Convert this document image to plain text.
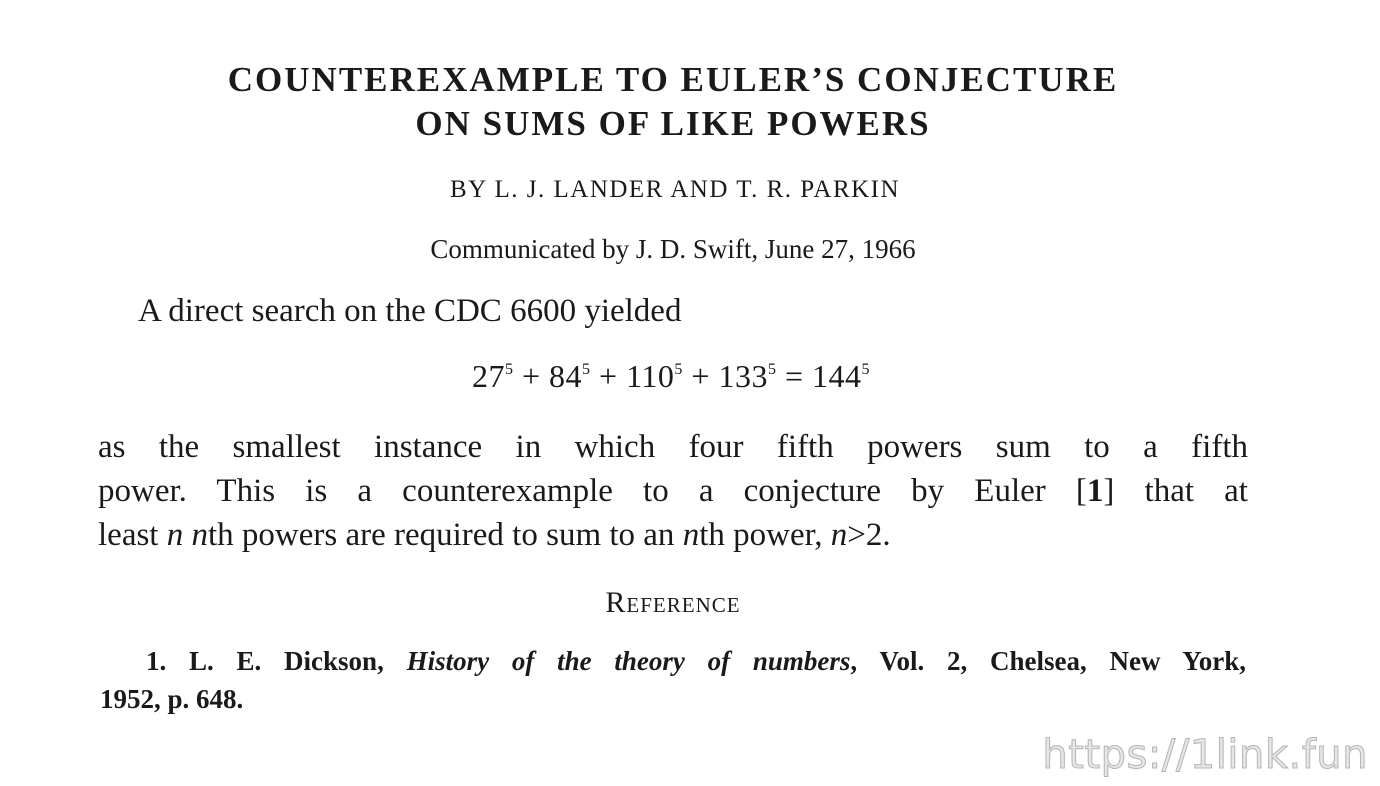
COUNTEREXAMPLE TO EULER’S CONJECTURE
ON SUMS OF LIKE POWERS
BY L. J. LANDER AND T. R. PARKIN
Communicated by J. D. Swift, June 27, 1966
A direct search on the CDC 6600 yielded
$27^5 + 84^5 + 110^5 + 133^5 = 144^5$
as the smallest instance in which four fifth powers sum to a fifth
power. This is a counterexample to a conjecture by Euler [1] that at
least n nth powers are required to sum to an nth power, n>2.
Reference
1. L. E. Dickson, History of the theory of numbers, Vol. 2, Chelsea, New York,
1952, p. 648.
https://1link.fun
